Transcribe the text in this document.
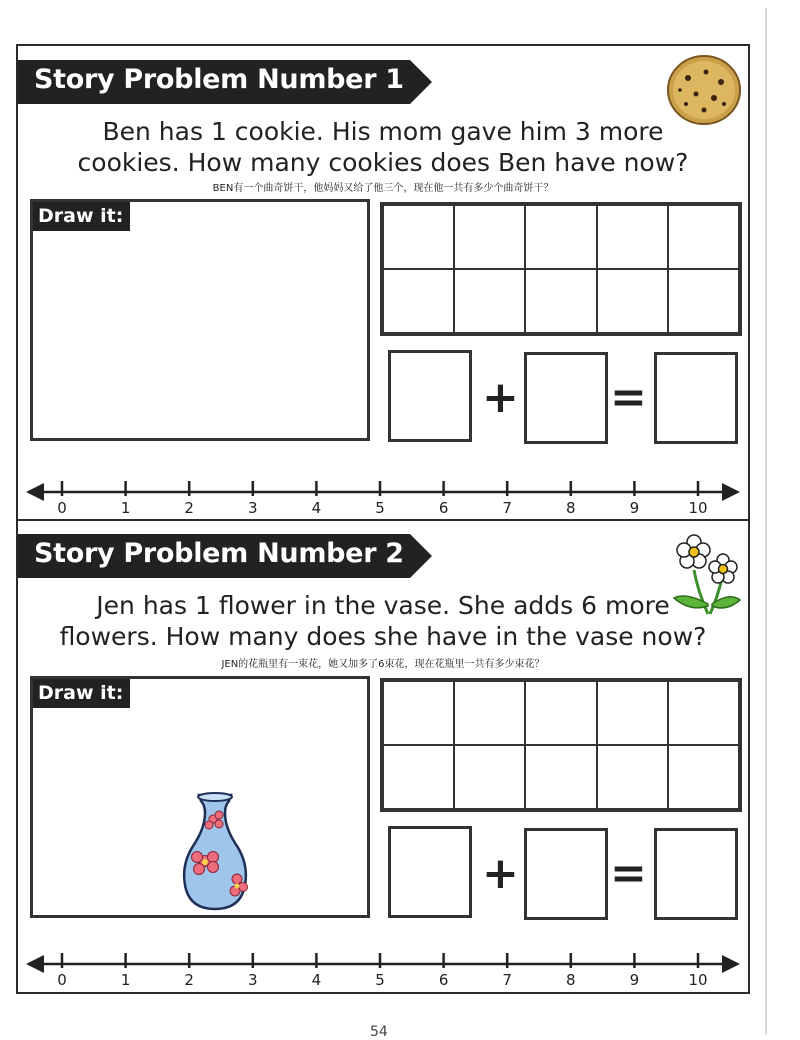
Story Problem Number 1
Ben has 1 cookie. His mom gave him 3 more
cookies. How many cookies does Ben have now?
BEN有一个曲奇饼干，他妈妈又给了他三个，现在他一共有多少个曲奇饼干？
Draw it:
+ =
0	1	2	3	4	5	6	7	8	9	10
Story Problem Number 2
Jen has 1 flower in the vase. She adds 6 more
flowers. How many does she have in the vase now?
JEN的花瓶里有一束花，她又加多了6束花，现在花瓶里一共有多少束花？
Draw it:
+ =
0	1	2	3	4	5	6	7	8	9	10
54
